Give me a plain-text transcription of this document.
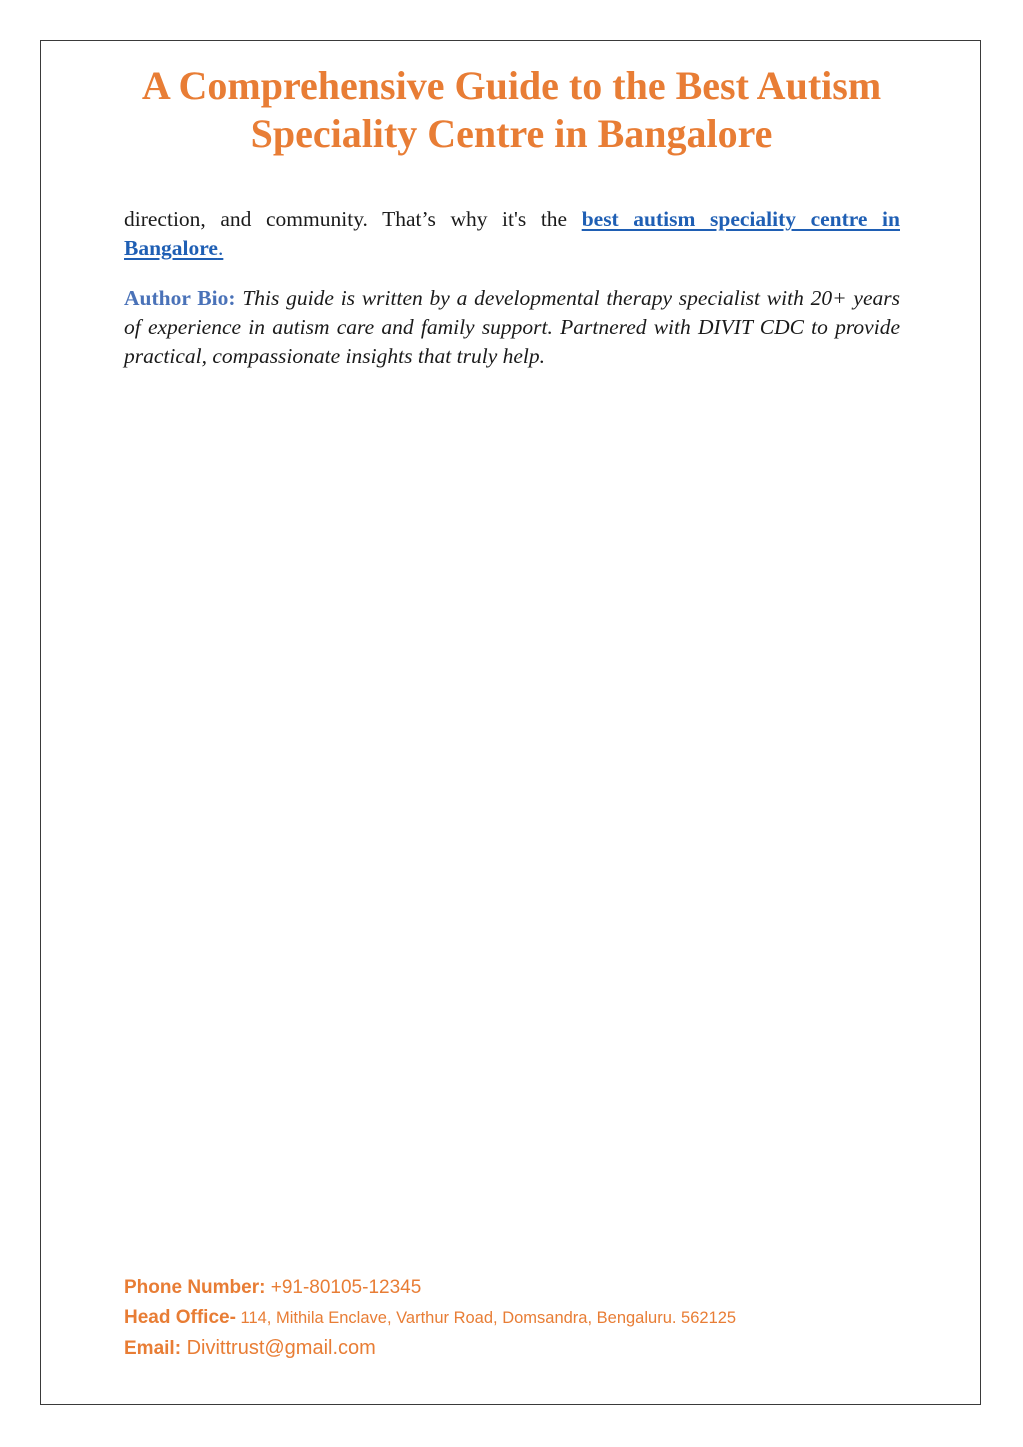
A Comprehensive Guide to the Best Autism Speciality Centre in Bangalore

direction, and community. That’s why it's the best autism speciality centre in Bangalore.

Author Bio: This guide is written by a developmental therapy specialist with 20+ years of experience in autism care and family support. Partnered with DIVIT CDC to provide practical, compassionate insights that truly help.

Phone Number: +91-80105-12345

Head Office- 114, Mithila Enclave, Varthur Road, Domsandra, Bengaluru. 562125

Email: Divittrust@gmail.com
